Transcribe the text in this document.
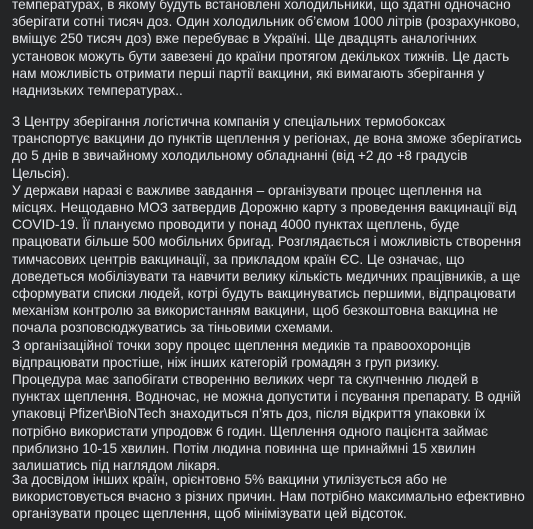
температурах, в якому будуть встановлені холодильники, що здатні одночасно зберігати сотні тисяч доз. Один холодильник об’ємом 1000 літрів (розрахунково, вміщує 250 тисяч доз) вже перебуває в Україні. Ще двадцять аналогічних установок можуть бути завезені до країни протягом декількох тижнів. Це дасть нам можливість отримати перші партії вакцини, які вимагають зберігання у наднизьких температурах..

З Центру зберігання логістична компанія у спеціальних термобоксах транспортує вакцини до пунктів щеплення у регіонах, де вона зможе зберігатись до 5 днів в звичайному холодильному обладнанні (від +2 до +8 градусів Цельсія).
У держави наразі є важливе завдання – організувати процес щеплення на місцях. Нещодавно МОЗ затвердив Дорожню карту з проведення вакцинації від COVID-19. Її плануємо проводити у понад 4000 пунктах щеплень, буде працювати більше 500 мобільних бригад. Розглядається і можливість створення тимчасових центрів вакцинації, за прикладом країн ЄС. Це означає, що доведеться мобілізувати та навчити велику кількість медичних працівників, а ще сформувати списки людей, котрі будуть вакцинуватись першими, відпрацювати механізм контролю за використанням вакцини, щоб безкоштовна вакцина не почала розповсюджуватись за тіньовими схемами.
З організаційної точки зору процес щеплення медиків та правоохоронців відпрацювати простіше, ніж інших категорій громадян з груп ризику.
Процедура має запобігати створенню великих черг та скупченню людей в пунктах щеплення. Водночас, не можна допустити і псування препарату. В одній упаковці Pfizer\BioNTech знаходиться п’ять доз, після відкриття упаковки їх потрібно використати упродовж 6 годин. Щеплення одного пацієнта займає приблизно 10-15 хвилин. Потім людина повинна ще принаймні 15 хвилин залишатись під наглядом лікаря.

За досвідом інших країн, орієнтовно 5% вакцини утилізується або не використовується вчасно з різних причин. Нам потрібно максимально ефективно організувати процес щеплення, щоб мінімізувати цей відсоток.
